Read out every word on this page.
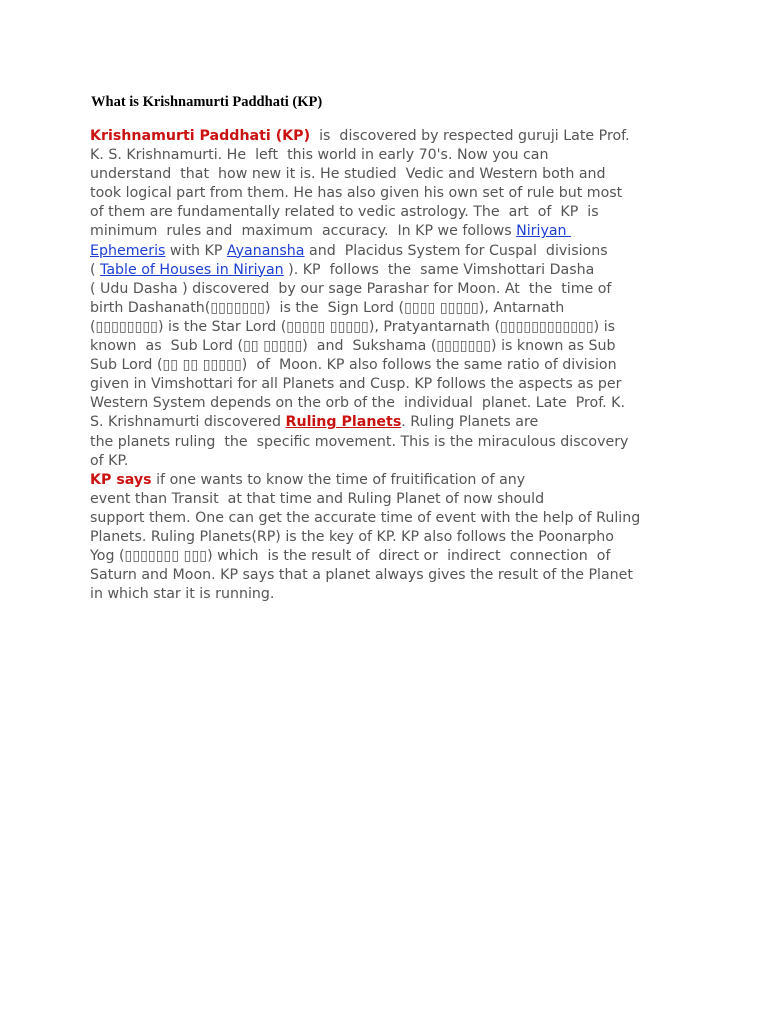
What is Krishnamurti Paddhati (KP)
Krishnamurti Paddhati (KP)  is  discovered by respected guruji Late Prof.
K. S. Krishnamurti. He  left  this world in early 70's. Now you can
understand  that  how new it is. He studied  Vedic and Western both and
took logical part from them. He has also given his own set of rule but most
of them are fundamentally related to vedic astrology. The  art  of  KP  is
minimum  rules and  maximum  accuracy.  In KP we follows Niriyan
Ephemeris with KP Ayanansha and  Placidus System for Cuspal  divisions
( Table of Houses in Niriyan ). KP  follows  the  same Vimshottari Dasha
( Udu Dasha ) discovered  by our sage Parashar for Moon. At  the  time of
birth Dashanath(▯▯▯▯▯▯▯)  is the  Sign Lord (▯▯▯▯ ▯▯▯▯▯), Antarnath
(▯▯▯▯▯▯▯▯) is the Star Lord (▯▯▯▯▯ ▯▯▯▯▯), Pratyantarnath (▯▯▯▯▯▯▯▯▯▯▯▯) is
known  as  Sub Lord (▯▯ ▯▯▯▯▯)  and  Sukshama (▯▯▯▯▯▯▯) is known as Sub
Sub Lord (▯▯ ▯▯ ▯▯▯▯▯)  of  Moon. KP also follows the same ratio of division
given in Vimshottari for all Planets and Cusp. KP follows the aspects as per
Western System depends on the orb of the  individual  planet. Late  Prof. K.
S. Krishnamurti discovered Ruling Planets. Ruling Planets are
the planets ruling  the  specific movement. This is the miraculous discovery
of KP.
KP says if one wants to know the time of fruitification of any
event than Transit  at that time and Ruling Planet of now should
support them. One can get the accurate time of event with the help of Ruling
Planets. Ruling Planets(RP) is the key of KP. KP also follows the Poonarpho
Yog (▯▯▯▯▯▯▯ ▯▯▯) which  is the result of  direct or  indirect  connection  of
Saturn and Moon. KP says that a planet always gives the result of the Planet
in which star it is running.
